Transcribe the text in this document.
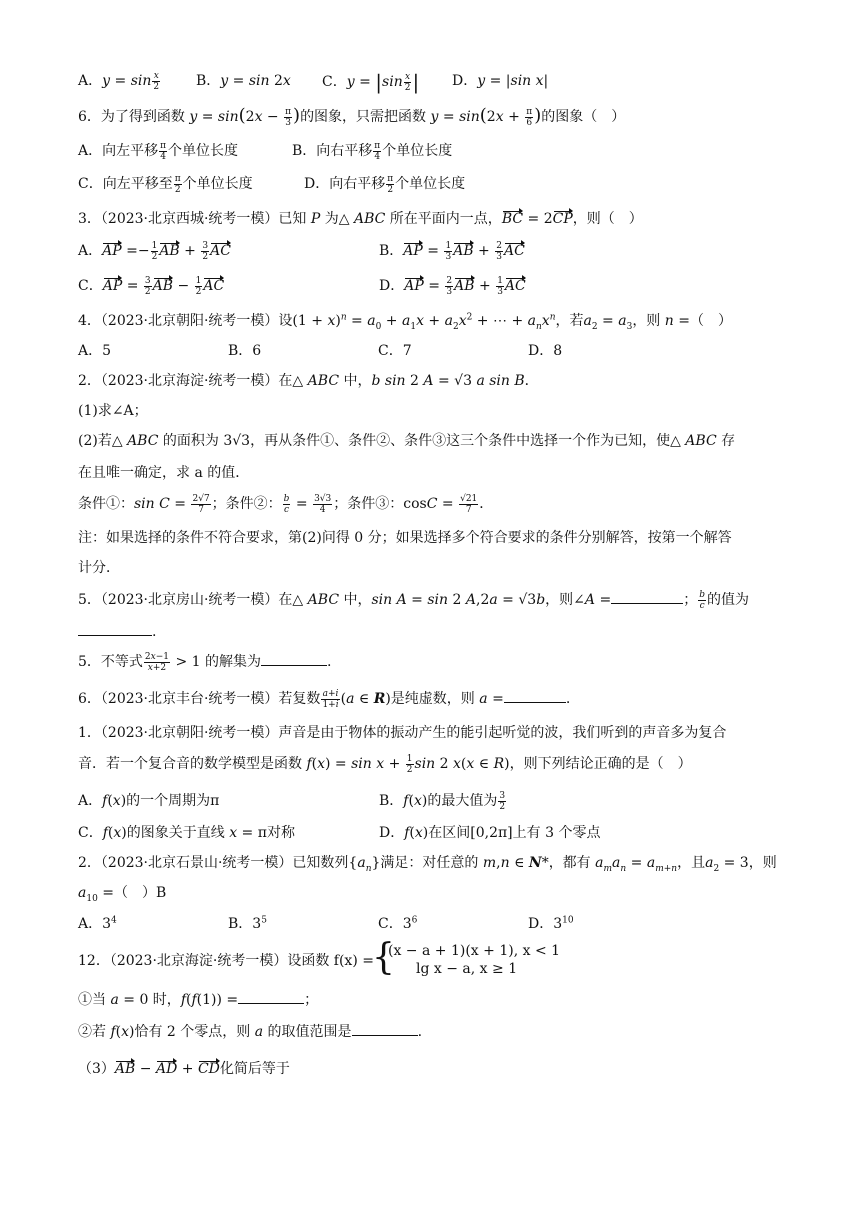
A．$y = \sin \frac{x}{2}$	B．y = sin 2x C．$y = |\sin \frac{x}{2}$ | D．y = |sin x|
6．为了得到函数 $y = \sin(2x - \frac{\pi}{3}$ )的图象，只需把函数 $y = \sin(2x + \frac{\pi}{6}$ )的图象（　）
A．向左平移 $\frac{\pi}{4}$ 个单位长度	B．向右平移 $\frac{\pi}{4}$ 个单位长度
C．向左平移至 $\frac{\pi}{2}$ 个单位长度	D．向右平移 $\frac{\pi}{2}$ 个单位长度
3．（2023·北京西城·统考一模）已知 P 为△ ABC 所在平面内一点，BC = 2CP，则（　）
A．AP =− $\frac{1}{2}$ AB + $\frac{3}{2}$ AC	B．AP = $\frac{1}{3}$ AB + $\frac{2}{3}$ AC
C．AP = $\frac{3}{2}$ AB − $\frac{1}{2}$ AC	D．AP = $\frac{2}{3}$ AB + $\frac{1}{3}$ AC
4．（2023·北京朝阳·统考一模）设$(1 + x)^n = a_0 + a_1x + a_2x^2$ + ⋯ + $a_nx^n$，若$a_2 = a_3$，则 n =（　）
A．5	B．6	C．7	D．8
2．（2023·北京海淀·统考一模）在△ ABC 中，b sin 2 A = √3 a sin B．
(1)求∠A；
(2)若△ ABC 的面积为 3√3，再从条件①、条件②、条件③这三个条件中选择一个作为已知，使△ ABC 存
在且唯一确定，求 a 的值．
条件①：$\sin C = \frac{2√7}{7}$ ；条件②： $\frac{b}{c} = \frac{3√3}{4}$ ；条件③：$\cos C = \frac{√21}{7}$ ．
注：如果选择的条件不符合要求，第(2)问得 0 分；如果选择多个符合要求的条件分别解答，按第一个解答
计分．
5．（2023·北京房山·统考一模）在△ ABC 中，sin A = sin 2 A,2a = √3b，则∠A =	； $\frac{b}{c}$ 的值为
.
5．不等式 $\frac{2x-1}{x+2} > 1$ 的解集为	.
6．（2023·北京丰台·统考一模）若复数 $\frac{a+i}{1+i} (a$ ∈ R)是纯虚数，则 a =	.
1．（2023·北京朝阳·统考一模）声音是由于物体的振动产生的能引起听觉的波，我们听到的声音多为复合
音．若一个复合音的数学模型是函数 $f(x) = \sin x + \frac{1}{2}$ sin 2 x(x ∈ R)，则下列结论正确的是（　）
A．f(x)的一个周期为π	B．f(x)的最大值为 $\frac{3}{2}$
C．f(x)的图象关于直线 x = π对称	D．f(x)在区间[0,2π]上有 3 个零点
2．（2023·北京石景山·统考一模）已知数列$\{a_n\}$满足：对任意的 m,n ∈ N*，都有 $a_ma_n = a_{m+n}$，且$a_2 = 3$，则
$a_{10}$ =（　）B
A．$3^4$	B．$3^5$	C．$3^6$	D．$3^{10}$
12．（2023·北京海淀·统考一模）设函数 f(x) =
{
(x − a + 1)(x + 1), x < 1
lg x − a, x ≥ 1
①当 a = 0 时，f(f(1)) =	；
②若 f(x)恰有 2 个零点，则 a 的取值范围是	.
（3）AB − AD + CD化简后等于
